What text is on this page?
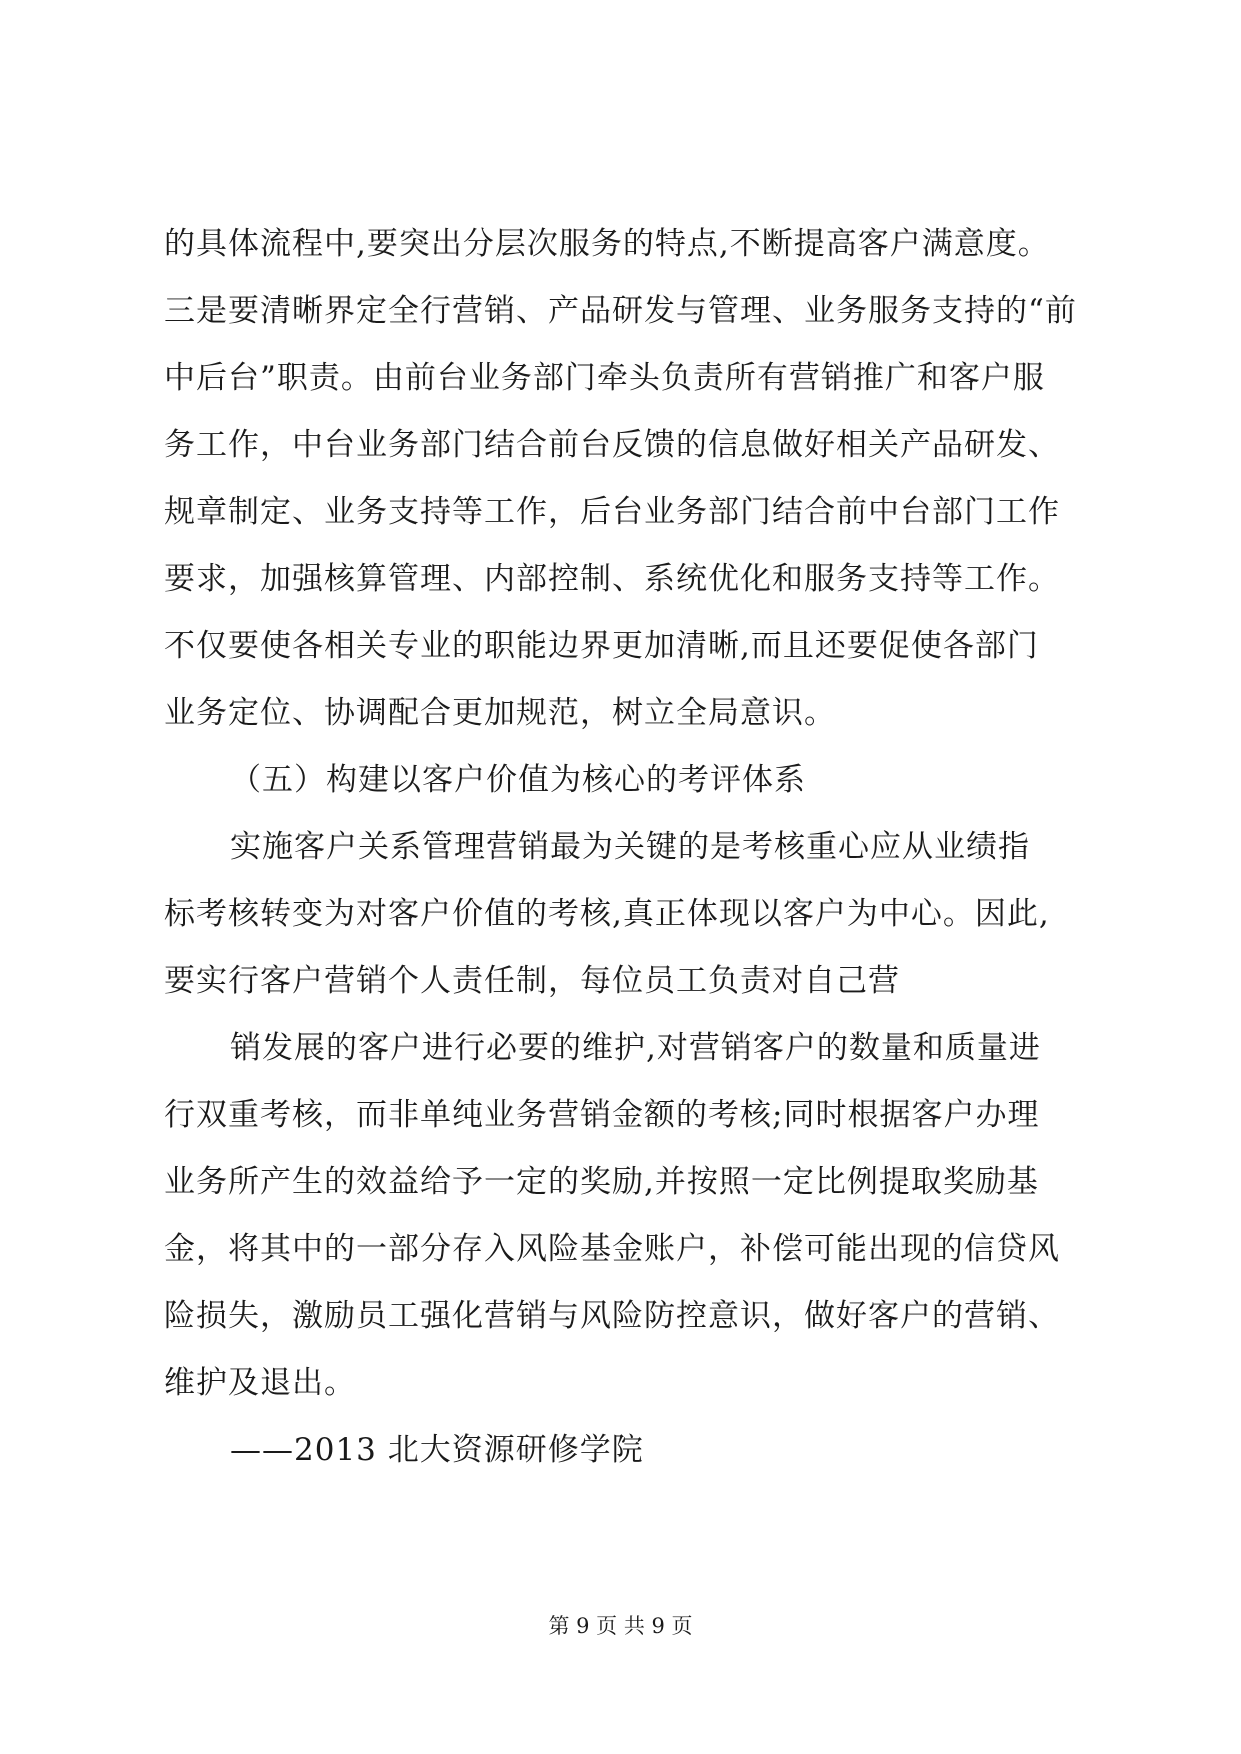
的具体流程中,要突出分层次服务的特点,不断提高客户满意度。
三是要清晰界定全行营销、产品研发与管理、业务服务支持的“前
中后台”职责。由前台业务部门牵头负责所有营销推广和客户服
务工作，中台业务部门结合前台反馈的信息做好相关产品研发、
规章制定、业务支持等工作，后台业务部门结合前中台部门工作
要求，加强核算管理、内部控制、系统优化和服务支持等工作。
不仅要使各相关专业的职能边界更加清晰,而且还要促使各部门
业务定位、协调配合更加规范，树立全局意识。
（五）构建以客户价值为核心的考评体系
实施客户关系管理营销最为关键的是考核重心应从业绩指
标考核转变为对客户价值的考核,真正体现以客户为中心。因此,
要实行客户营销个人责任制，每位员工负责对自己营
销发展的客户进行必要的维护,对营销客户的数量和质量进
行双重考核，而非单纯业务营销金额的考核;同时根据客户办理
业务所产生的效益给予一定的奖励,并按照一定比例提取奖励基
金，将其中的一部分存入风险基金账户，补偿可能出现的信贷风
险损失，激励员工强化营销与风险防控意识，做好客户的营销、
维护及退出。
——2013 北大资源研修学院
第 9 页 共 9 页
